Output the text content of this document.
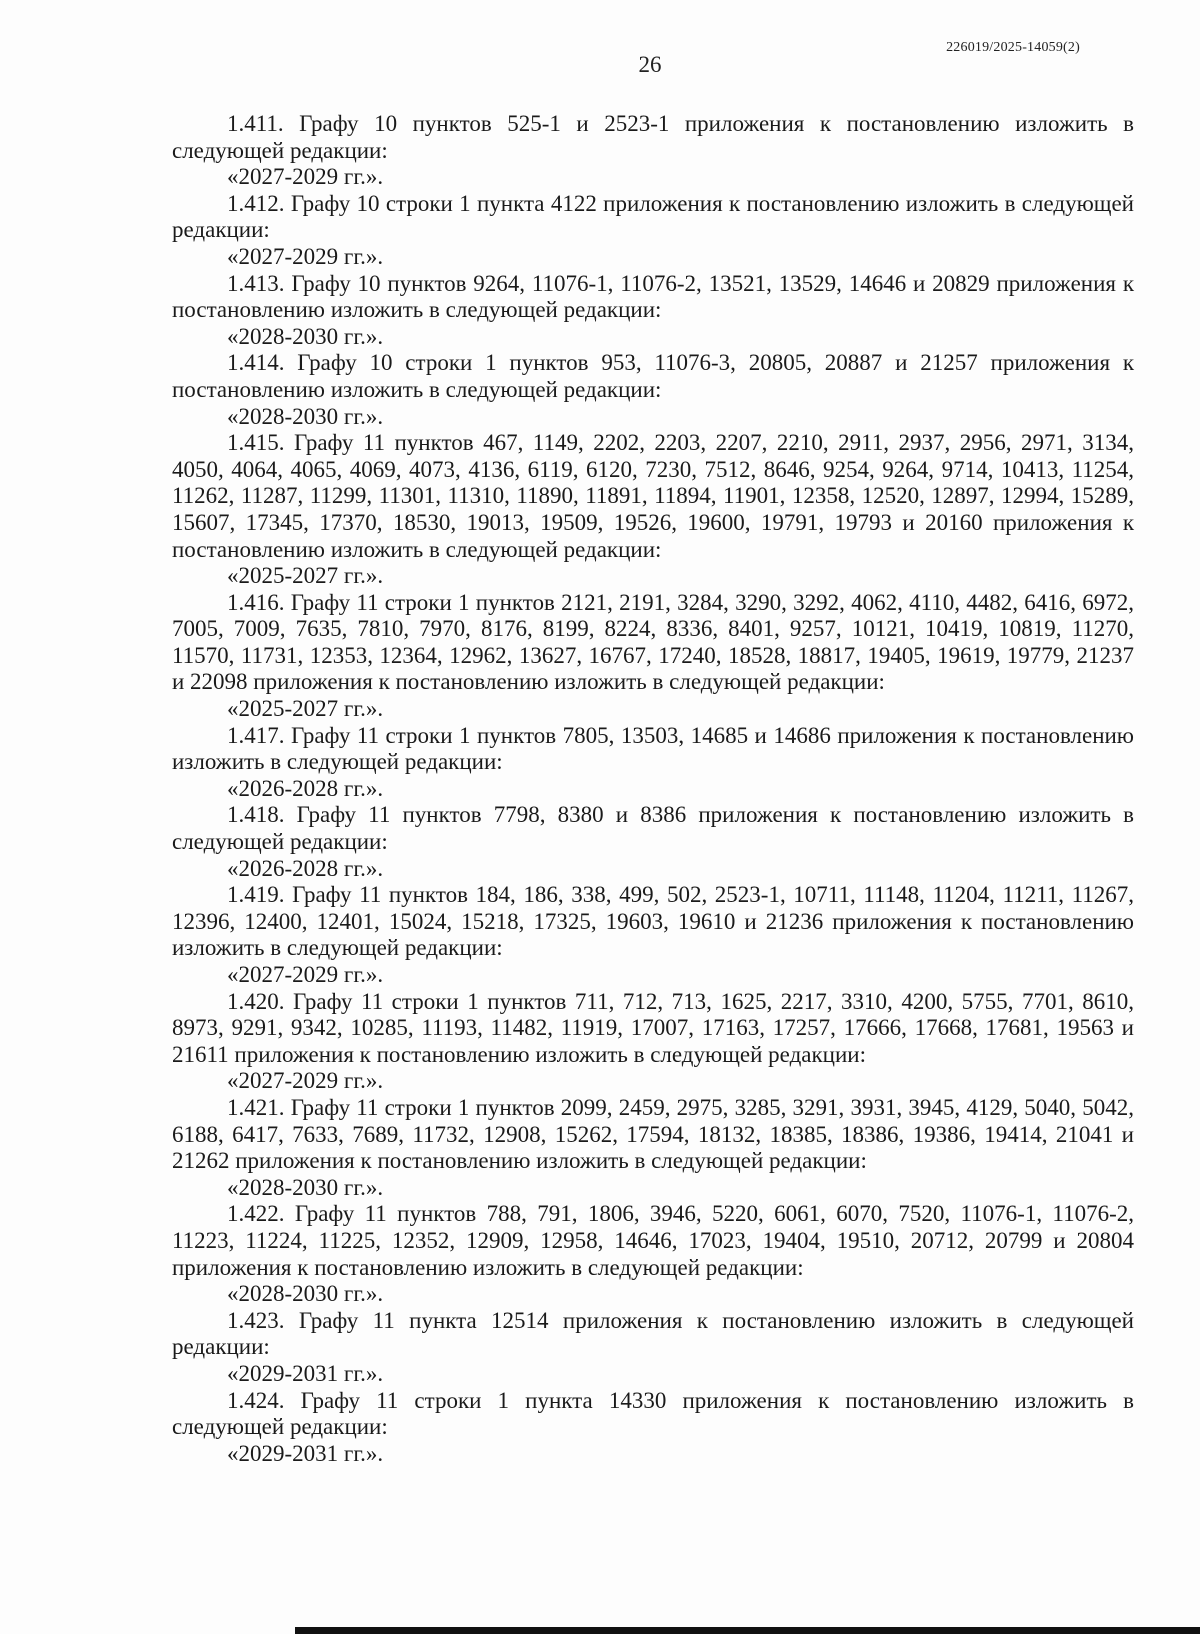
226019/2025-14059(2)
26

1.411. Графу 10 пунктов 525-1 и 2523-1 приложения к постановлению изложить в следующей редакции:

«2027-2029 гг.».

1.412. Графу 10 строки 1 пункта 4122 приложения к постановлению изложить в следующей редакции:

«2027-2029 гг.».

1.413. Графу 10 пунктов 9264, 11076-1, 11076-2, 13521, 13529, 14646 и 20829 приложения к постановлению изложить в следующей редакции:

«2028-2030 гг.».

1.414. Графу 10 строки 1 пунктов 953, 11076-3, 20805, 20887 и 21257 приложения к постановлению изложить в следующей редакции:

«2028-2030 гг.».

1.415. Графу 11 пунктов 467, 1149, 2202, 2203, 2207, 2210, 2911, 2937, 2956, 2971, 3134, 4050, 4064, 4065, 4069, 4073, 4136, 6119, 6120, 7230, 7512, 8646, 9254, 9264, 9714, 10413, 11254, 11262, 11287, 11299, 11301, 11310, 11890, 11891, 11894, 11901, 12358, 12520, 12897, 12994, 15289, 15607, 17345, 17370, 18530, 19013, 19509, 19526, 19600, 19791, 19793 и 20160 приложения к постановлению изложить в следующей редакции:

«2025-2027 гг.».

1.416. Графу 11 строки 1 пунктов 2121, 2191, 3284, 3290, 3292, 4062, 4110, 4482, 6416, 6972, 7005, 7009, 7635, 7810, 7970, 8176, 8199, 8224, 8336, 8401, 9257, 10121, 10419, 10819, 11270, 11570, 11731, 12353, 12364, 12962, 13627, 16767, 17240, 18528, 18817, 19405, 19619, 19779, 21237 и 22098 приложения к постановлению изложить в следующей редакции:

«2025-2027 гг.».

1.417. Графу 11 строки 1 пунктов 7805, 13503, 14685 и 14686 приложения к постановлению изложить в следующей редакции:

«2026-2028 гг.».

1.418. Графу 11 пунктов 7798, 8380 и 8386 приложения к постановлению изложить в следующей редакции:

«2026-2028 гг.».

1.419. Графу 11 пунктов 184, 186, 338, 499, 502, 2523-1, 10711, 11148, 11204, 11211, 11267, 12396, 12400, 12401, 15024, 15218, 17325, 19603, 19610 и 21236 приложения к постановлению изложить в следующей редакции:

«2027-2029 гг.».

1.420. Графу 11 строки 1 пунктов 711, 712, 713, 1625, 2217, 3310, 4200, 5755, 7701, 8610, 8973, 9291, 9342, 10285, 11193, 11482, 11919, 17007, 17163, 17257, 17666, 17668, 17681, 19563 и 21611 приложения к постановлению изложить в следующей редакции:

«2027-2029 гг.».

1.421. Графу 11 строки 1 пунктов 2099, 2459, 2975, 3285, 3291, 3931, 3945, 4129, 5040, 5042, 6188, 6417, 7633, 7689, 11732, 12908, 15262, 17594, 18132, 18385, 18386, 19386, 19414, 21041 и 21262 приложения к постановлению изложить в следующей редакции:

«2028-2030 гг.».

1.422. Графу 11 пунктов 788, 791, 1806, 3946, 5220, 6061, 6070, 7520, 11076-1, 11076-2, 11223, 11224, 11225, 12352, 12909, 12958, 14646, 17023, 19404, 19510, 20712, 20799 и 20804 приложения к постановлению изложить в следующей редакции:

«2028-2030 гг.».

1.423. Графу 11 пункта 12514 приложения к постановлению изложить в следующей редакции:

«2029-2031 гг.».

1.424. Графу 11 строки 1 пункта 14330 приложения к постановлению изложить в следующей редакции:

«2029-2031 гг.».
